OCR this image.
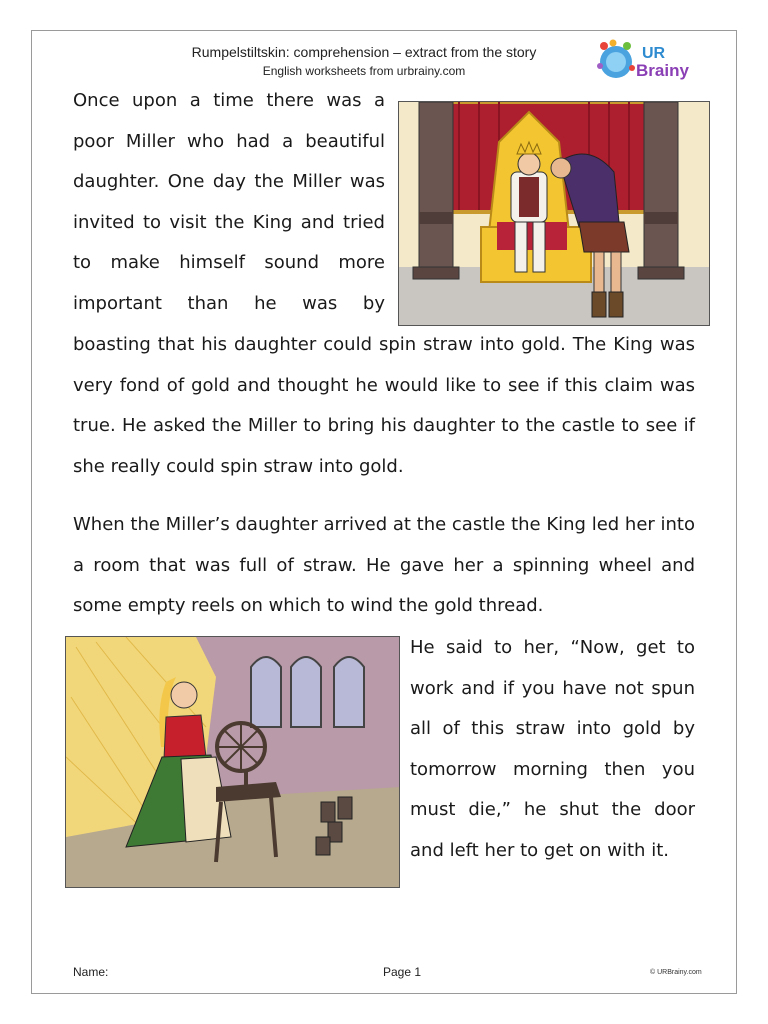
Rumpelstiltskin: comprehension – extract from the story
English worksheets from urbrainy.com
UR
Brainy

Once upon a time there was a poor Miller who had a beautiful daughter. One day the Miller was invited to visit the King and tried to make himself sound more important than he was by

boasting that his daughter could spin straw into gold. The King was very fond of gold and thought he would like to see if this claim was true. He asked the Miller to bring his daughter to the castle to see if she really could spin straw into gold.

When the Miller’s daughter arrived at the castle the King led her into a room that was full of straw. He gave her a spinning wheel and some empty reels on which to wind the gold thread.

He said to her, “Now, get to work and if you have not spun all of this straw into gold by tomorrow morning then you must die,” he shut the door and left her to get on with it.

Name:	Page 1	© URBrainy.com
